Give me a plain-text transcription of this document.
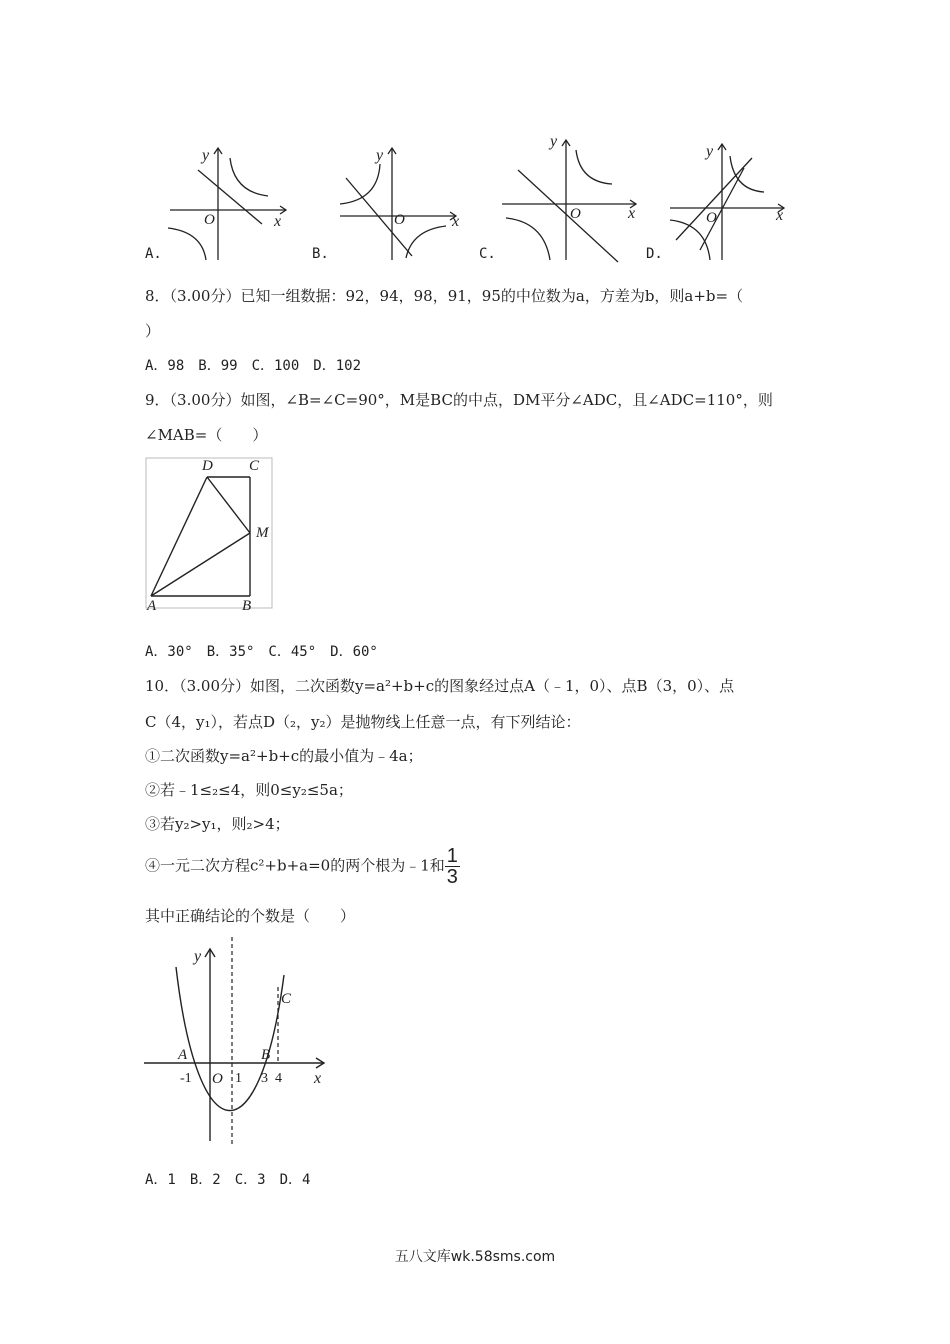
y
O	x
y
O	x
y
O	x
y
O	x
A.	B.	C.	D.
8．（3.00分）已知一组数据：92，94，98，91，95的中位数为a，方差为b，则a+b=（
）
A．98　B．99　C．100　D．102
9．（3.00分）如图，∠B=∠C=90°，M是BC的中点，DM平分∠ADC，且∠ADC=110°，则
∠MAB=（　　）
D C
M
A	B
A．30°　B．35°　C．45°　D．60°
10．（3.00分）如图，二次函数y=a²+b+c的图象经过点A（﹣1，0）、点B（3，0）、点
C（4，y₁），若点D（₂，y₂）是抛物线上任意一点，有下列结论：
①二次函数y=a²+b+c的最小值为﹣4a；
②若﹣1≤₂≤4，则0≤y₂≤5a；
③若y₂>y₁，则₂>4；
④一元二次方程c²+b+a=0的两个根为﹣1和 $\frac{1}{3}$
其中正确结论的个数是（　　）
y
C
A	B
-1 O 1 3 4 x
A．1　B．2　C．3　D．4
五八文库wk.58sms.com
